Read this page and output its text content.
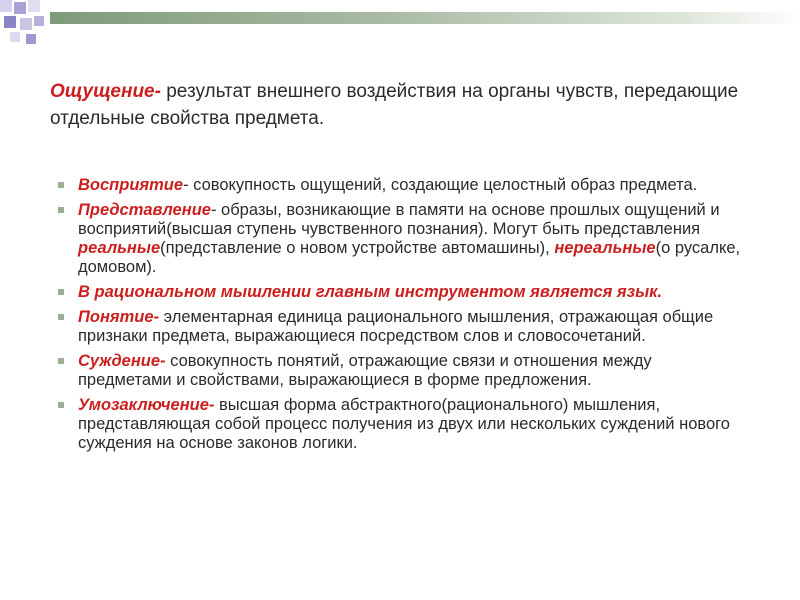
Ощущение- результат внешнего воздействия на органы чувств, передающие отдельные свойства предмета.

Восприятие- совокупность ощущений, создающие целостный образ предмета.
Представление- образы, возникающие в памяти на основе прошлых ощущений и восприятий(высшая ступень чувственного познания). Могут быть представления реальные(представление о новом устройстве автомашины), нереальные(о русалке, домовом).
В рациональном мышлении главным инструментом является язык.
Понятие- элементарная единица рационального мышления, отражающая общие признаки предмета, выражающиеся посредством слов и словосочетаний.
Суждение- совокупность понятий, отражающие связи и отношения между предметами и свойствами, выражающиеся в форме предложения.
Умозаключение- высшая форма абстрактного(рационального) мышления, представляющая собой процесс получения из двух или нескольких суждений нового суждения на основе законов логики.
